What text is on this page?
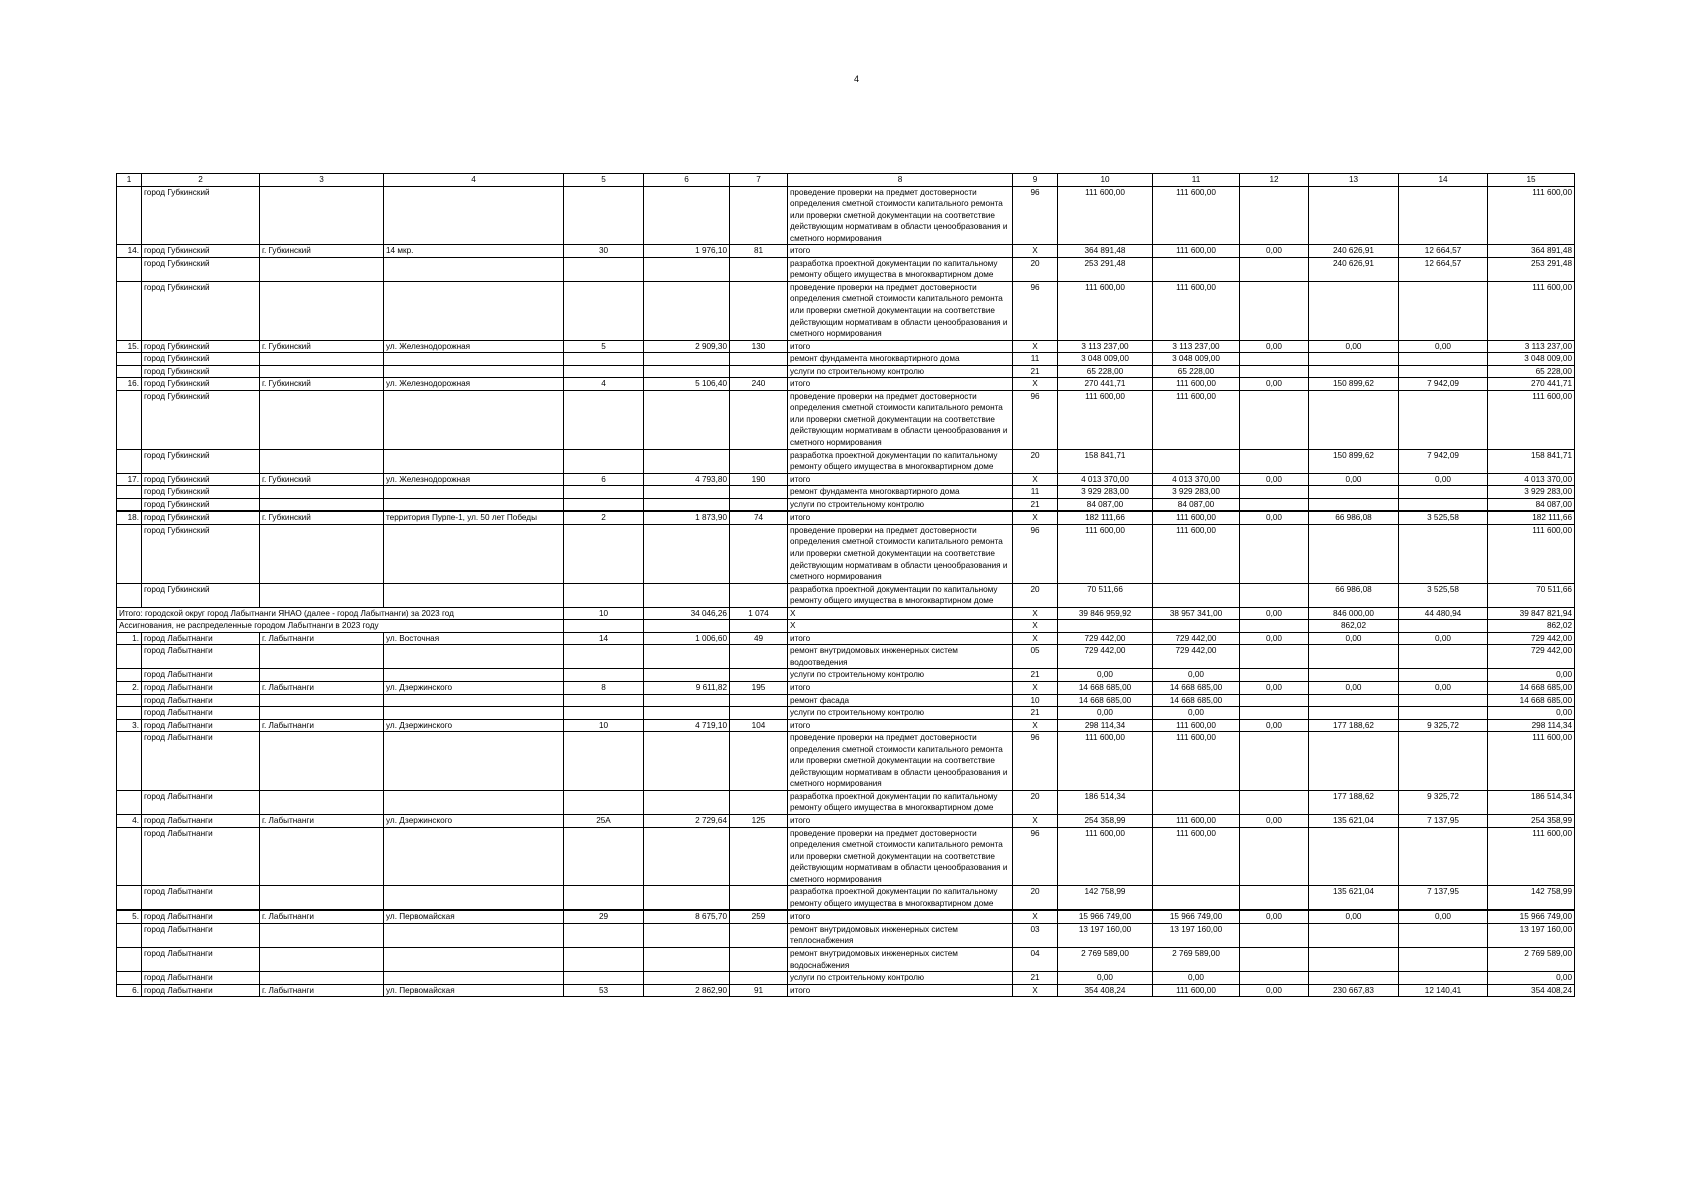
4
1	2	3	4	5	6	7	8	9	10	11	12	13	14	15
	город Губкинский						проведение проверки на предмет достоверности определения сметной стоимости капитального ремонта или проверки сметной документации на соответствие действующим нормативам в области ценообразования и сметного нормирования	96	111 600,00	111 600,00				111 600,00
14.	город Губкинский	г. Губкинский	14 мкр.	30	1 976,10	81	итого	X	364 891,48	111 600,00	0,00	240 626,91	12 664,57	364 891,48
	город Губкинский						разработка проектной документации по капитальному ремонту общего имущества в многоквартирном доме	20	253 291,48			240 626,91	12 664,57	253 291,48
	город Губкинский						проведение проверки на предмет достоверности определения сметной стоимости капитального ремонта или проверки сметной документации на соответствие действующим нормативам в области ценообразования и сметного нормирования	96	111 600,00	111 600,00				111 600,00
15.	город Губкинский	г. Губкинский	ул. Железнодорожная	5	2 909,30	130	итого	X	3 113 237,00	3 113 237,00	0,00	0,00	0,00	3 113 237,00
	город Губкинский						ремонт фундамента многоквартирного дома	11	3 048 009,00	3 048 009,00				3 048 009,00
	город Губкинский						услуги по строительному контролю	21	65 228,00	65 228,00				65 228,00
16.	город Губкинский	г. Губкинский	ул. Железнодорожная	4	5 106,40	240	итого	X	270 441,71	111 600,00	0,00	150 899,62	7 942,09	270 441,71
	город Губкинский						проведение проверки на предмет достоверности определения сметной стоимости капитального ремонта или проверки сметной документации на соответствие действующим нормативам в области ценообразования и сметного нормирования	96	111 600,00	111 600,00				111 600,00
	город Губкинский						разработка проектной документации по капитальному ремонту общего имущества в многоквартирном доме	20	158 841,71			150 899,62	7 942,09	158 841,71
17.	город Губкинский	г. Губкинский	ул. Железнодорожная	6	4 793,80	190	итого	X	4 013 370,00	4 013 370,00	0,00	0,00	0,00	4 013 370,00
	город Губкинский						ремонт фундамента многоквартирного дома	11	3 929 283,00	3 929 283,00				3 929 283,00
	город Губкинский						услуги по строительному контролю	21	84 087,00	84 087,00				84 087,00
18.	город Губкинский	г. Губкинский	территория Пурпе-1, ул. 50 лет Победы	2	1 873,90	74	итого	X	182 111,66	111 600,00	0,00	66 986,08	3 525,58	182 111,66
	город Губкинский						проведение проверки на предмет достоверности определения сметной стоимости капитального ремонта или проверки сметной документации на соответствие действующим нормативам в области ценообразования и сметного нормирования	96	111 600,00	111 600,00				111 600,00
	город Губкинский						разработка проектной документации по капитальному ремонту общего имущества в многоквартирном доме	20	70 511,66			66 986,08	3 525,58	70 511,66
Итого: городской округ город Лабытнанги ЯНАО (далее - город Лабытнанги) за 2023 год				10	34 046,26	1 074	X	X	39 846 959,92	38 957 341,00	0,00	846 000,00	44 480,94	39 847 821,94
Ассигнования, не распределенные городом Лабытнанги в 2023 году							X	X				862,02		862,02
1.	город Лабытнанги	г. Лабытнанги	ул. Восточная	14	1 006,60	49	итого	X	729 442,00	729 442,00	0,00	0,00	0,00	729 442,00
	город Лабытнанги						ремонт внутридомовых инженерных систем водоотведения	05	729 442,00	729 442,00				729 442,00
	город Лабытнанги						услуги по строительному контролю	21	0,00	0,00				0,00
2.	город Лабытнанги	г. Лабытнанги	ул. Дзержинского	8	9 611,82	195	итого	X	14 668 685,00	14 668 685,00	0,00	0,00	0,00	14 668 685,00
	город Лабытнанги						ремонт фасада	10	14 668 685,00	14 668 685,00				14 668 685,00
	город Лабытнанги						услуги по строительному контролю	21	0,00	0,00				0,00
3.	город Лабытнанги	г. Лабытнанги	ул. Дзержинского	10	4 719,10	104	итого	X	298 114,34	111 600,00	0,00	177 188,62	9 325,72	298 114,34
	город Лабытнанги						проведение проверки на предмет достоверности определения сметной стоимости капитального ремонта или проверки сметной документации на соответствие действующим нормативам в области ценообразования и сметного нормирования	96	111 600,00	111 600,00				111 600,00
	город Лабытнанги						разработка проектной документации по капитальному ремонту общего имущества в многоквартирном доме	20	186 514,34			177 188,62	9 325,72	186 514,34
4.	город Лабытнанги	г. Лабытнанги	ул. Дзержинского	25А	2 729,64	125	итого	X	254 358,99	111 600,00	0,00	135 621,04	7 137,95	254 358,99
	город Лабытнанги						проведение проверки на предмет достоверности определения сметной стоимости капитального ремонта или проверки сметной документации на соответствие действующим нормативам в области ценообразования и сметного нормирования	96	111 600,00	111 600,00				111 600,00
	город Лабытнанги						разработка проектной документации по капитальному ремонту общего имущества в многоквартирном доме	20	142 758,99			135 621,04	7 137,95	142 758,99
5.	город Лабытнанги	г. Лабытнанги	ул. Первомайская	29	8 675,70	259	итого	X	15 966 749,00	15 966 749,00	0,00	0,00	0,00	15 966 749,00
	город Лабытнанги						ремонт внутридомовых инженерных систем теплоснабжения	03	13 197 160,00	13 197 160,00				13 197 160,00
	город Лабытнанги						ремонт внутридомовых инженерных систем водоснабжения	04	2 769 589,00	2 769 589,00				2 769 589,00
	город Лабытнанги						услуги по строительному контролю	21	0,00	0,00				0,00
6.	город Лабытнанги	г. Лабытнанги	ул. Первомайская	53	2 862,90	91	итого	X	354 408,24	111 600,00	0,00	230 667,83	12 140,41	354 408,24
